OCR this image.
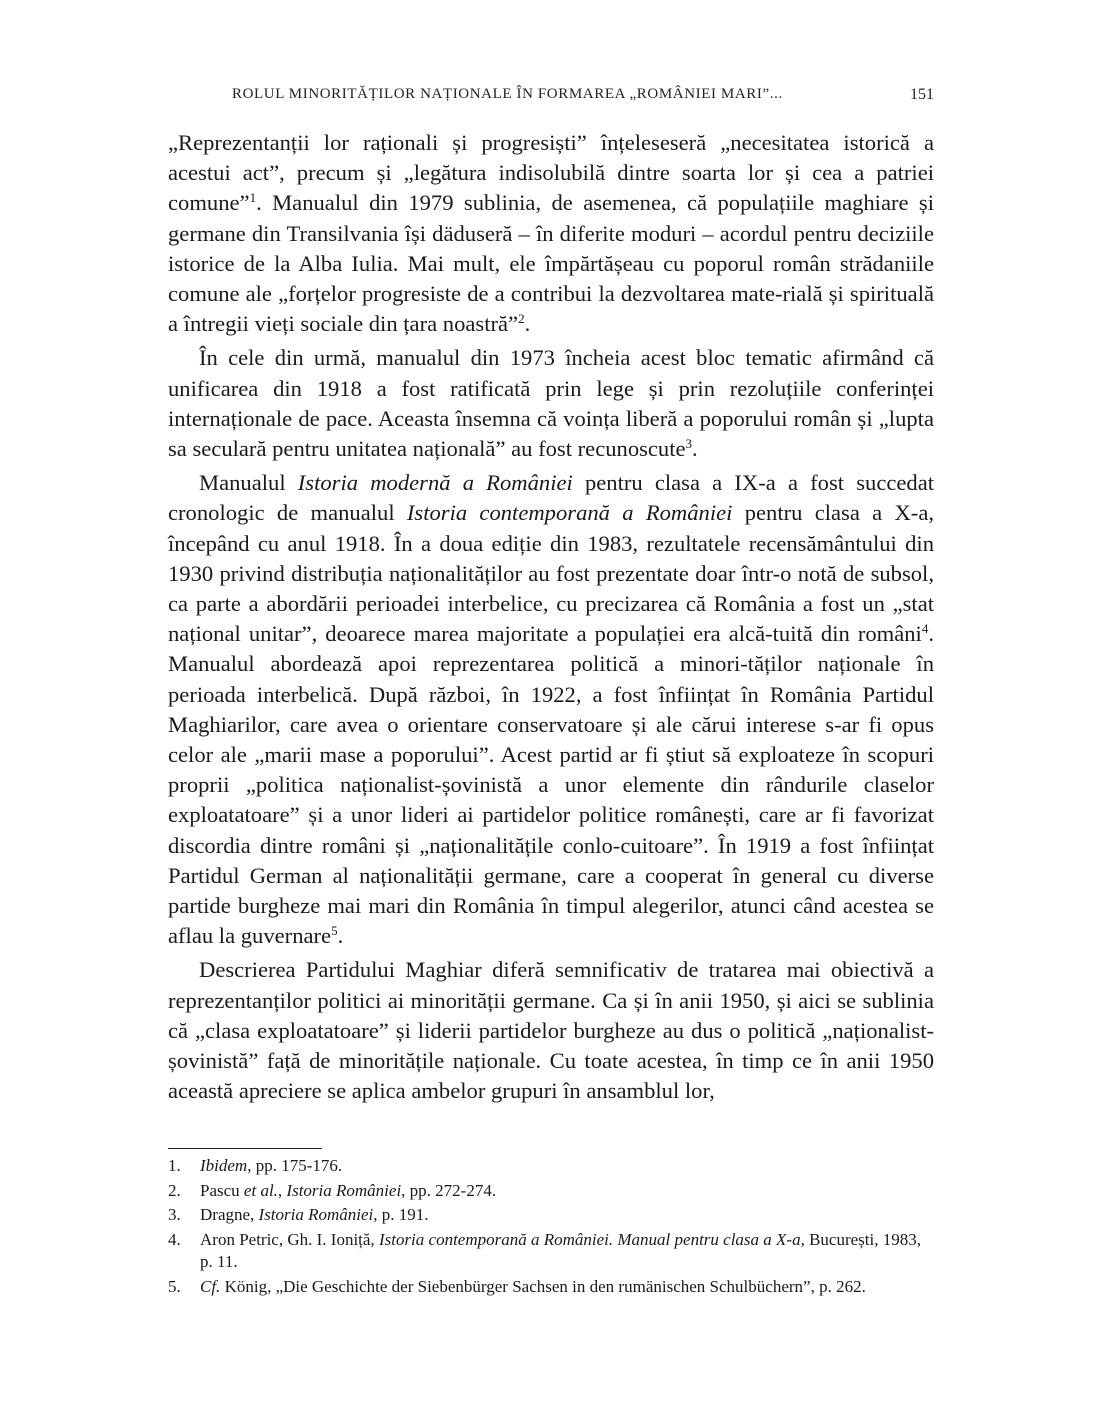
ROLUL MINORITĂȚILOR NAȚIONALE ÎN FORMAREA „ROMÂNIEI MARI”...	151

„Reprezentanții lor raționali și progresiști” înțeleseseră „necesitatea istorică a acestui act”, precum și „legătura indisolubilă dintre soarta lor și cea a patriei comune”$^1$. Manualul din 1979 sublinia, de asemenea, că populațiile maghiare și germane din Transilvania își däduseră – în diferite moduri – acordul pentru deciziile istorice de la Alba Iulia. Mai mult, ele împărtășeau cu poporul român strădaniile comune ale „forțelor progresiste de a contribui la dezvoltarea mate-rială și spirituală a întregii vieți sociale din țara noastră”$^2$.

În cele din urmă, manualul din 1973 încheia acest bloc tematic afirmând că unificarea din 1918 a fost ratificată prin lege și prin rezoluțiile conferinței internaționale de pace. Aceasta însemna că voința liberă a poporului român și „lupta sa seculară pentru unitatea națională” au fost recunoscute$^3$.

Manualul Istoria modernă a României pentru clasa a IX-a a fost succedat cronologic de manualul Istoria contemporană a României pentru clasa a X-a, începând cu anul 1918. În a doua ediție din 1983, rezultatele recensământului din 1930 privind distribuția naționalităților au fost prezentate doar într-o notă de subsol, ca parte a abordării perioadei interbelice, cu precizarea că România a fost un „stat național unitar”, deoarece marea majoritate a populației era alcă-tuită din români$^4$. Manualul abordează apoi reprezentarea politică a minori-tăților naționale în perioada interbelică. După război, în 1922, a fost înființat în România Partidul Maghiarilor, care avea o orientare conservatoare și ale cărui interese s-ar fi opus celor ale „marii mase a poporului”. Acest partid ar fi știut să exploateze în scopuri proprii „politica naționalist-șovinistă a unor elemente din rândurile claselor exploatatoare” și a unor lideri ai partidelor politice românești, care ar fi favorizat discordia dintre români și „naționalitățile conlo-cuitoare”. În 1919 a fost înființat Partidul German al naționalității germane, care a cooperat în general cu diverse partide burgheze mai mari din România în timpul alegerilor, atunci când acestea se aflau la guvernare$^5$.

Descrierea Partidului Maghiar diferă semnificativ de tratarea mai obiectivă a reprezentanților politici ai minorității germane. Ca și în anii 1950, și aici se sublinia că „clasa exploatatoare” și liderii partidelor burgheze au dus o politică „naționalist-șovinistă” față de minoritățile naționale. Cu toate acestea, în timp ce în anii 1950 această apreciere se aplica ambelor grupuri în ansamblul lor,

1.	Ibidem, pp. 175-176.
2.	Pascu et al., Istoria României, pp. 272-274.
3.	Dragne, Istoria României, p. 191.
4.	Aron Petric, Gh. I. Ioniță, Istoria contemporană a României. Manual pentru clasa a X-a, București, 1983, p. 11.
5.	Cf. König, „Die Geschichte der Siebenbürger Sachsen in den rumänischen Schulbüchern”, p. 262.
